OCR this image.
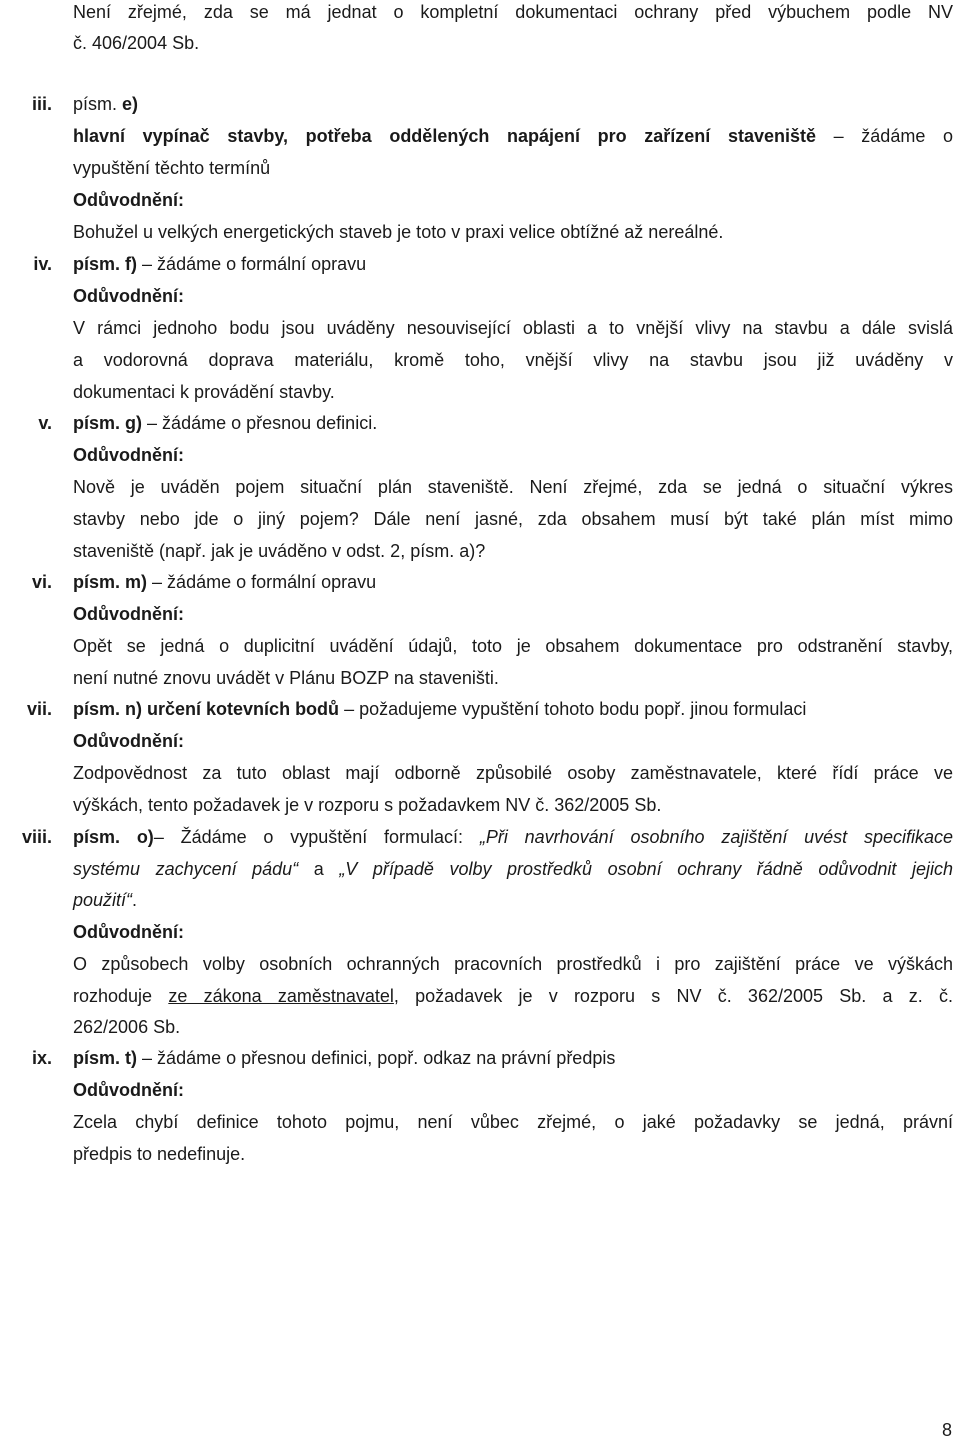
Není zřejmé, zda se má jednat o kompletní dokumentaci ochrany před výbuchem podle NV
č. 406/2004 Sb.
iii. písm. e)
hlavní vypínač stavby, potřeba oddělených napájení pro zařízení staveniště – žádáme o
vypuštění těchto termínů
Odůvodnění:
Bohužel u velkých energetických staveb je toto v praxi velice obtížné až nereálné.
iv. písm. f) – žádáme o formální opravu
Odůvodnění:
V rámci jednoho bodu jsou uváděny nesouvisející oblasti a to vnější vlivy na stavbu a dále svislá
a vodorovná doprava materiálu, kromě toho, vnější vlivy na stavbu jsou již uváděny v
dokumentaci k provádění stavby.
v. písm. g) – žádáme o přesnou definici.
Odůvodnění:
Nově je uváděn pojem situační plán staveniště. Není zřejmé, zda se jedná o situační výkres
stavby nebo jde o jiný pojem? Dále není jasné, zda obsahem musí být také plán míst mimo
staveniště (např. jak je uváděno v odst. 2, písm. a)?
vi. písm. m) – žádáme o formální opravu
Odůvodnění:
Opět se jedná o duplicitní uvádění údajů, toto je obsahem dokumentace pro odstranění stavby,
není nutné znovu uvádět v Plánu BOZP na staveništi.
vii. písm. n) určení kotevních bodů – požadujeme vypuštění tohoto bodu popř. jinou formulaci
Odůvodnění:
Zodpovědnost za tuto oblast mají odborně způsobilé osoby zaměstnavatele, které řídí práce ve
výškách, tento požadavek je v rozporu s požadavkem NV č. 362/2005 Sb.
viii. písm. o)– Žádáme o vypuštění formulací: „Při navrhování osobního zajištění uvést specifikace
systému zachycení pádu“ a „V případě volby prostředků osobní ochrany řádně odůvodnit jejich
použití“.
Odůvodnění:
O způsobech volby osobních ochranných pracovních prostředků i pro zajištění práce ve výškách
rozhoduje ze zákona zaměstnavatel, požadavek je v rozporu s NV č. 362/2005 Sb. a z. č.
262/2006 Sb.
ix. písm. t) – žádáme o přesnou definici, popř. odkaz na právní předpis
Odůvodnění:
Zcela chybí definice tohoto pojmu, není vůbec zřejmé, o jaké požadavky se jedná, právní
předpis to nedefinuje.
8
